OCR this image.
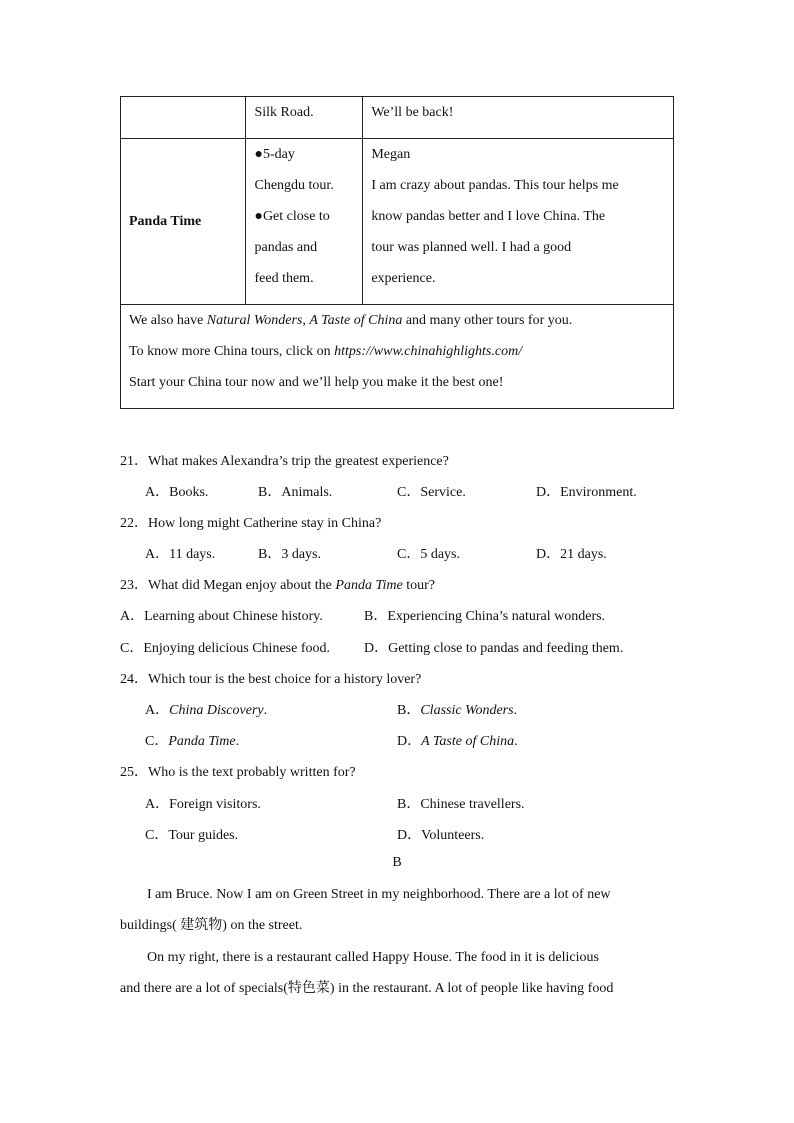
	Silk Road.	We’ll be back!
Panda Time	●5-day
Chengdu tour.
●Get close to
pandas and
feed them.	Megan
I am crazy about pandas. This tour helps me
know pandas better and I love China. The
tour was planned well. I had a good
experience.

We also have Natural Wonders, A Taste of China and many other tours for you.
To know more China tours, click on https://www.chinahighlights.com/
Start your China tour now and we’ll help you make it the best one!		
21．What makes Alexandra’s trip the greatest experience?
A．Books.	B．Animals.	C．Service.	D．Environment.
22．How long might Catherine stay in China?
A．11 days.	B．3 days.	C．5 days.	D．21 days.
23．What did Megan enjoy about the Panda Time tour?
A．Learning about Chinese history.	B．Experiencing China’s natural wonders.
C．Enjoying delicious Chinese food. D．Getting close to pandas and feeding them.
24．Which tour is the best choice for a history lover?
A．China Discovery.	B．Classic Wonders.
C．Panda Time.	D．A Taste of China.
25．Who is the text probably written for?
A．Foreign visitors.	B．Chinese travellers.
C．Tour guides.	D．Volunteers.
B
I am Bruce. Now I am on Green Street in my neighborhood. There are a lot of new
buildings( 建筑物) on the street.
On my right, there is a restaurant called Happy House. The food in it is delicious
and there are a lot of specials(特色菜) in the restaurant. A lot of people like having food
